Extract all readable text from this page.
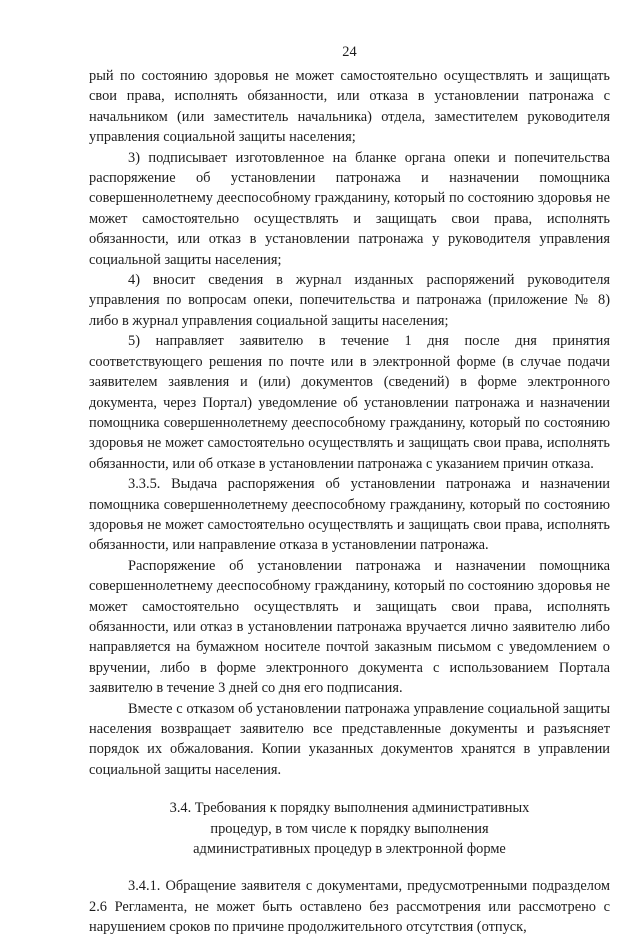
24

рый по состоянию здоровья не может самостоятельно осуществлять и защищать свои права, исполнять обязанности, или отказа в установлении патронажа с начальником (или заместитель начальника) отдела, заместителем руководителя управления социальной защиты населения;

3) подписывает изготовленное на бланке органа опеки и попечительства распоряжение об установлении патронажа и назначении помощника совершеннолетнему дееспособному гражданину, который по состоянию здоровья не может самостоятельно осуществлять и защищать свои права, исполнять обязанности, или отказ в установлении патронажа у руководителя управления социальной защиты населения;

4) вносит сведения в журнал изданных распоряжений руководителя управления по вопросам опеки, попечительства и патронажа (приложение № 8) либо в журнал управления социальной защиты населения;

5) направляет заявителю в течение 1 дня после дня принятия соответствующего решения по почте или в электронной форме (в случае подачи заявителем заявления и (или) документов (сведений) в форме электронного документа, через Портал) уведомление об установлении патронажа и назначении помощника совершеннолетнему дееспособному гражданину, который по состоянию здоровья не может самостоятельно осуществлять и защищать свои права, исполнять обязанности, или об отказе в установлении патронажа с указанием причин отказа.

3.3.5. Выдача распоряжения об установлении патронажа и назначении помощника совершеннолетнему дееспособному гражданину, который по состоянию здоровья не может самостоятельно осуществлять и защищать свои права, исполнять обязанности, или направление отказа в установлении патронажа.

Распоряжение об установлении патронажа и назначении помощника совершеннолетнему дееспособному гражданину, который по состоянию здоровья не может самостоятельно осуществлять и защищать свои права, исполнять обязанности, или отказ в установлении патронажа вручается лично заявителю либо направляется на бумажном носителе почтой заказным письмом с уведомлением о вручении, либо в форме электронного документа с использованием Портала заявителю в течение 3 дней со дня его подписания.

Вместе с отказом об установлении патронажа управление социальной защиты населения возвращает заявителю все представленные документы и разъясняет порядок их обжалования. Копии указанных документов хранятся в управлении социальной защиты населения.

3.4. Требования к порядку выполнения административных
процедур, в том числе к порядку выполнения
административных процедур в электронной форме

3.4.1. Обращение заявителя с документами, предусмотренными подразделом 2.6 Регламента, не может быть оставлено без рассмотрения или рассмотрено с нарушением сроков по причине продолжительного отсутствия (отпуск,
